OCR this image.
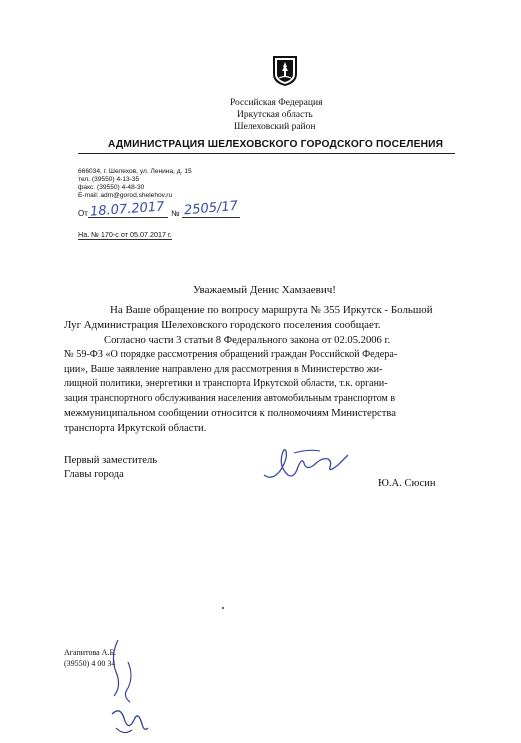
Российская Федерация
Иркутская область
Шелеховский район
АДМИНИСТРАЦИЯ ШЕЛЕХОВСКОГО ГОРОДСКОГО ПОСЕЛЕНИЯ
666034, г. Шелехов, ул. Ленина, д. 15
тел. (39550) 4-13-35
факс. (39550) 4-48-30
E-mail: adm@gorod.shelehov.ru
От 18.07.2017 № 2505/17
На. № 170-с от 05.07.2017 г.
Уважаемый Денис Хамзаевич!
На Ваше обращение по вопросу маршрута № 355 Иркутск - Большой
Луг Администрация Шелеховского городского поселения сообщает.
Согласно части 3 статьи 8 Федерального закона от 02.05.2006 г.
№ 59-ФЗ «О порядке рассмотрения обращений граждан Российской Федера-
ции», Ваше заявление направлено для рассмотрения в Министерство жи-
лищной политики, энергетики и транспорта Иркутской области, т.к. органи-
зация транспортного обслуживания населения автомобильным транспортом в
межмуниципальном сообщении относится к полномочиям Министерства
транспорта Иркутской области.
Первый заместитель
Главы города
Ю.А. Сюсин
Агапитова А.Б.
(39550) 4 00 34
